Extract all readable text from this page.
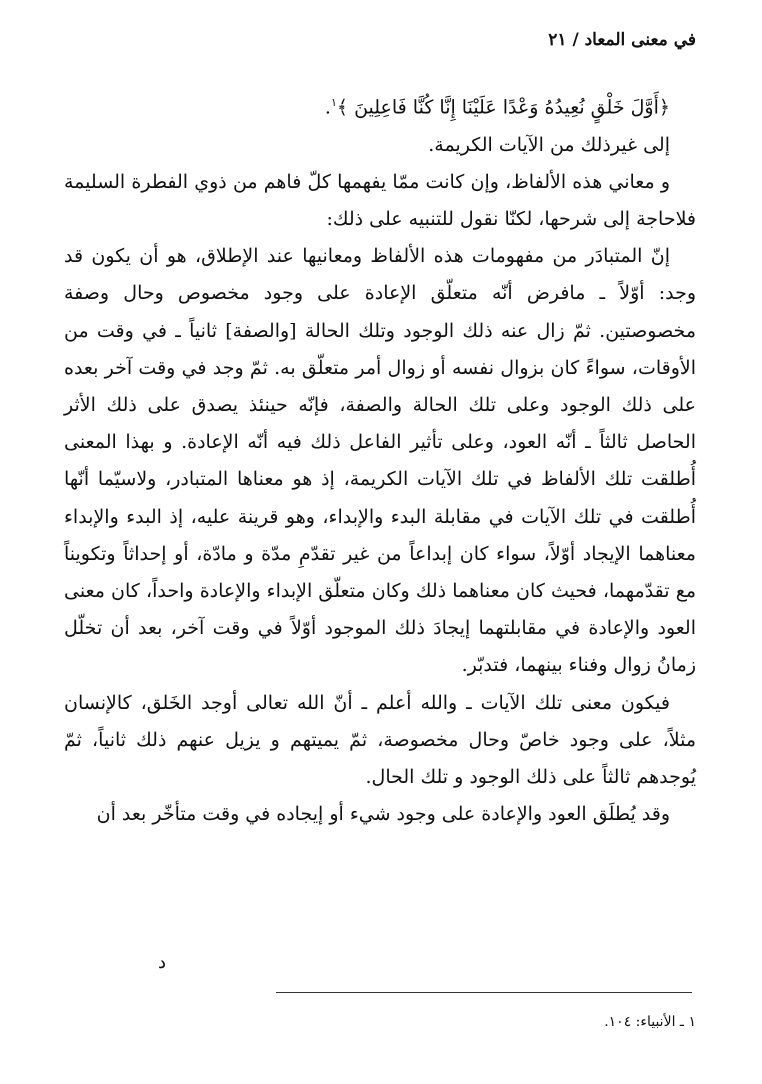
في معنى المعاد / ٢١

﴿أَوَّلَ خَلْقٍ نُعِيدُهُ وَعْدًا عَلَيْنَا إِنَّا كُنَّا فَاعِلِينَ ﴾$^١$.

إلى غيرذلك من الآيات الكريمة.

و معاني هذه الألفاظ، وإن كانت ممّا يفهمها كلّ فاهم من ذوي الفطرة السليمة فلاحاجة إلى شرحها، لكنّا نقول للتنبيه على ذلك:

إنّ المتبادَر من مفهومات هذه الألفاظ ومعانيها عند الإطلاق، هو أن يكون قد وجد: أوّلاً ـ مافرض أنّه متعلّق الإعادة على وجود مخصوص وحال وصفة مخصوصتين. ثمّ زال عنه ذلك الوجود وتلك الحالة [والصفة] ثانياً ـ في وقت من الأوقات، سواءً كان بزوال نفسه أو زوال أمر متعلّق به. ثمّ وجد في وقت آخر بعده على ذلك الوجود وعلى تلك الحالة والصفة، فإنّه حينئذ يصدق على ذلك الأثر الحاصل ثالثاً ـ أنّه العود، وعلى تأثير الفاعل ذلك فيه أنّه الإعادة. و بهذا المعنى أُطلقت تلك الألفاظ في تلك الآيات الكريمة، إذ هو معناها المتبادر، ولاسيّما أنّها أُطلقت في تلك الآيات في مقابلة البدء والإبداء، وهو قرينة عليه، إذ البدء والإبداء معناهما الإيجاد أوّلاً، سواء كان إبداعاً من غير تقدّمِ مدّة و مادّة، أو إحداثاً وتكويناً مع تقدّمهما، فحيث كان معناهما ذلك وكان متعلّق الإبداء والإعادة واحداً، كان معنى العود والإعادة في مقابلتهما إيجادَ ذلك الموجود أوّلاً في وقت آخر، بعد أن تخلّل زمانُ زوال وفناء بينهما، فتدبّر.

فيكون معنى تلك الآيات ـ والله أعلم ـ أنّ الله تعالى أوجد الخَلق، كالإنسان مثلاً، على وجود خاصّ وحال مخصوصة، ثمّ يميتهم و يزيل عنهم ذلك ثانياً، ثمّ يُوجدهم ثالثاً على ذلك الوجود و تلك الحال.

وقد يُطلَق العود والإعادة على وجود شيء أو إيجاده في وقت متأخّر بعد أن

د
١ ـ الأنبياء: ١٠٤.
